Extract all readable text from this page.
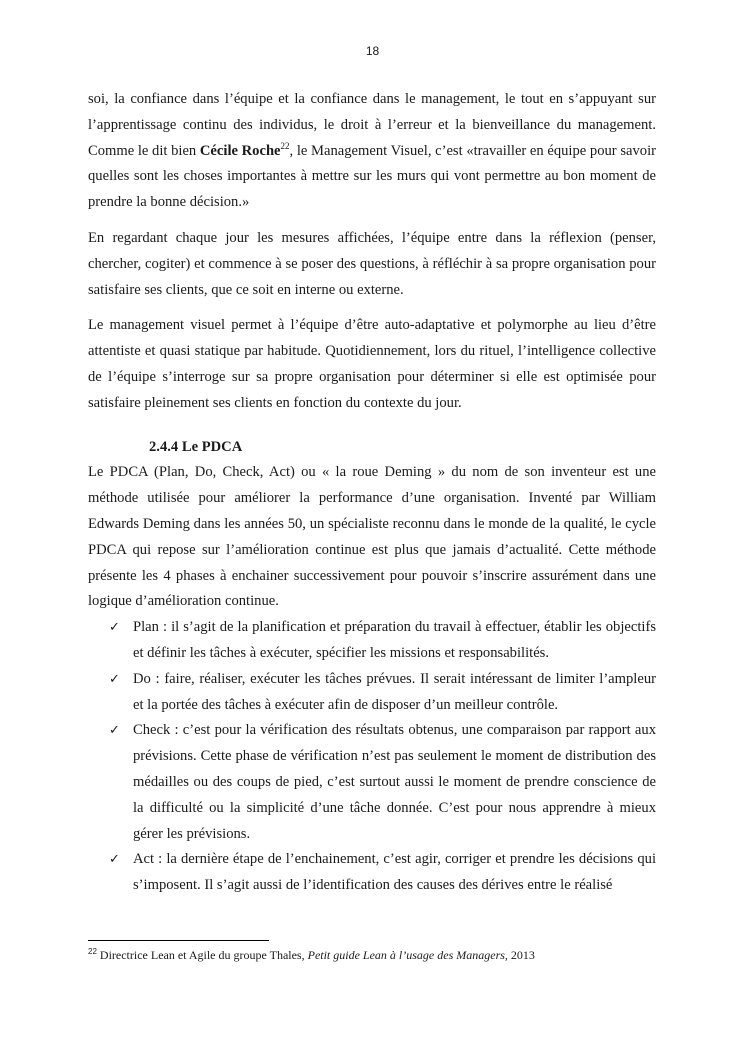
18

soi, la confiance dans l’équipe et la confiance dans le management, le tout en s’appuyant sur l’apprentissage continu des individus, le droit à l’erreur et la bienveillance du management. Comme le dit bien Cécile Roche$^{22}$, le Management Visuel, c’est «travailler en équipe pour savoir quelles sont les choses importantes à mettre sur les murs qui vont permettre au bon moment de prendre la bonne décision.»

En regardant chaque jour les mesures affichées, l’équipe entre dans la réflexion (penser, chercher, cogiter) et commence à se poser des questions, à réfléchir à sa propre organisation pour satisfaire ses clients, que ce soit en interne ou externe.

Le management visuel permet à l’équipe d’être auto-adaptative et polymorphe au lieu d’être attentiste et quasi statique par habitude. Quotidiennement, lors du rituel, l’intelligence collective de l’équipe s’interroge sur sa propre organisation pour déterminer si elle est optimisée pour satisfaire pleinement ses clients en fonction du contexte du jour.

2.4.4 Le PDCA

Le PDCA (Plan, Do, Check, Act) ou « la roue Deming » du nom de son inventeur est une méthode utilisée pour améliorer la performance d’une organisation. Inventé par William Edwards Deming dans les années 50, un spécialiste reconnu dans le monde de la qualité, le cycle PDCA qui repose sur l’amélioration continue est plus que jamais d’actualité. Cette méthode présente les 4 phases à enchainer successivement pour pouvoir s’inscrire assurément dans une logique d’amélioration continue.

✓ Plan : il s’agit de la planification et préparation du travail à effectuer, établir les objectifs et définir les tâches à exécuter, spécifier les missions et responsabilités.
✓ Do : faire, réaliser, exécuter les tâches prévues. Il serait intéressant de limiter l’ampleur et la portée des tâches à exécuter afin de disposer d’un meilleur contrôle.
✓ Check : c’est pour la vérification des résultats obtenus, une comparaison par rapport aux prévisions. Cette phase de vérification n’est pas seulement le moment de distribution des médailles ou des coups de pied, c’est surtout aussi le moment de prendre conscience de la difficulté ou la simplicité d’une tâche donnée. C’est pour nous apprendre à mieux gérer les prévisions.
✓ Act : la dernière étape de l’enchainement, c’est agir, corriger et prendre les décisions qui s’imposent. Il s’agit aussi de l’identification des causes des dérives entre le réalisé
$^{22}$ Directrice Lean et Agile du groupe Thales, Petit guide Lean à l’usage des Managers, 2013
